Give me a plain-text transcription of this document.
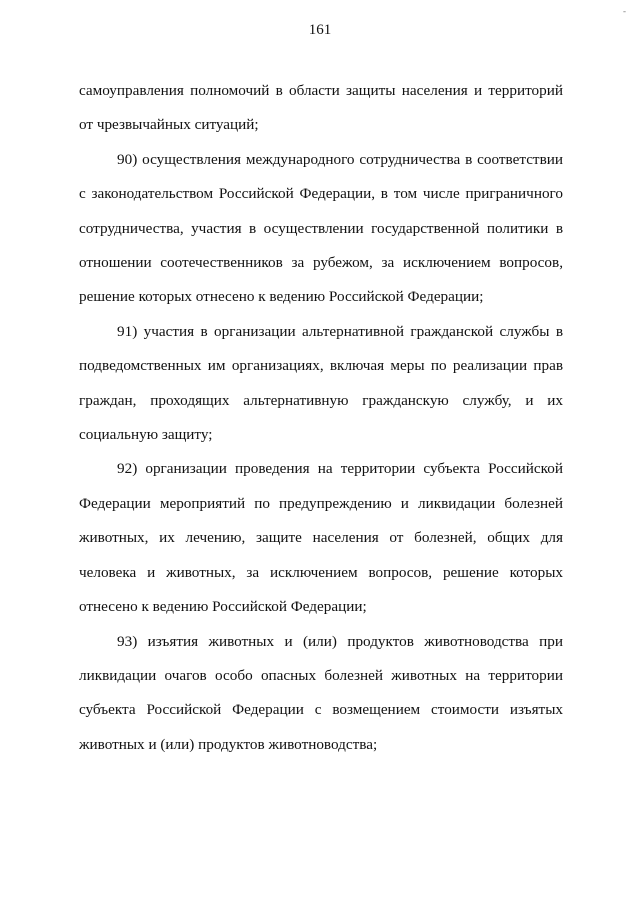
161
-

самоуправления полномочий в области защиты населения и территорий от чрезвычайных ситуаций;

90) осуществления международного сотрудничества в соответствии с законодательством Российской Федерации, в том числе приграничного сотрудничества, участия в осуществлении государственной политики в отношении соотечественников за рубежом, за исключением вопросов, решение которых отнесено к ведению Российской Федерации;

91) участия в организации альтернативной гражданской службы в подведомственных им организациях, включая меры по реализации прав граждан, проходящих альтернативную гражданскую службу, и их социальную защиту;

92) организации проведения на территории субъекта Российской Федерации мероприятий по предупреждению и ликвидации болезней животных, их лечению, защите населения от болезней, общих для человека и животных, за исключением вопросов, решение которых отнесено к ведению Российской Федерации;

93) изъятия животных и (или) продуктов животноводства при ликвидации очагов особо опасных болезней животных на территории субъекта Российской Федерации с возмещением стоимости изъятых животных и (или) продуктов животноводства;
